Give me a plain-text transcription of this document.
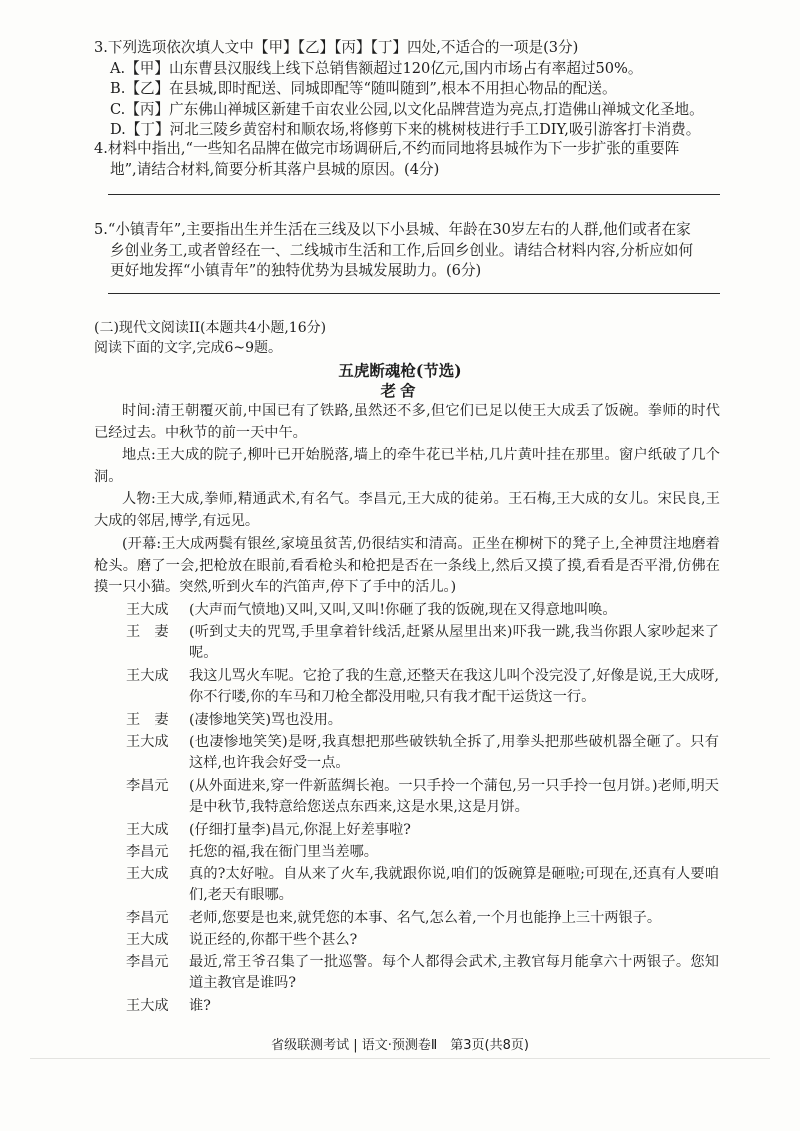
3.下列选项依次填人文中【甲】【乙】【丙】【丁】四处,不适合的一项是(3分)
A.【甲】山东曹县汉服线上线下总销售额超过120亿元,国内市场占有率超过50%。
B.【乙】在县城,即时配送、同城即配等“随叫随到”,根本不用担心物品的配送。
C.【丙】广东佛山禅城区新建千亩农业公园,以文化品牌营造为亮点,打造佛山禅城文化圣地。
D.【丁】河北三陵乡黄窑村和顺农场,将修剪下来的桃树枝进行手工DIY,吸引游客打卡消费。
4.材料中指出,“一些知名品牌在做完市场调研后,不约而同地将县城作为下一步扩张的重要阵
地”,请结合材料,简要分析其落户县城的原因。(4分)
5.“小镇青年”,主要指出生并生活在三线及以下小县城、年龄在30岁左右的人群,他们或者在家
乡创业务工,或者曾经在一、二线城市生活和工作,后回乡创业。请结合材料内容,分析应如何
更好地发挥“小镇青年”的独特优势为县城发展助力。(6分)
(二)现代文阅读II(本题共4小题,16分)
阅读下面的文字,完成6~9题。
五虎断魂枪(节选)
老舍
时间:清王朝覆灭前,中国已有了铁路,虽然还不多,但它们已足以使王大成丢了饭碗。拳师的时代已经过去。中秋节的前一天中午。
地点:王大成的院子,柳叶已开始脱落,墙上的牵牛花已半枯,几片黄叶挂在那里。窗户纸破了几个洞。
人物:王大成,拳师,精通武术,有名气。李昌元,王大成的徒弟。王石梅,王大成的女儿。宋民良,王大成的邻居,博学,有远见。
(开幕:王大成两鬓有银丝,家境虽贫苦,仍很结实和清高。正坐在柳树下的凳子上,全神贯注地磨着枪头。磨了一会,把枪放在眼前,看看枪头和枪把是否在一条线上,然后又摸了摸,看看是否平滑,仿佛在摸一只小猫。突然,听到火车的汽笛声,停下了手中的活儿。)
王大成	(大声而气愤地)又叫,又叫,又叫!你砸了我的饭碗,现在又得意地叫唤。
王　妻	(听到丈夫的咒骂,手里拿着针线活,赶紧从屋里出来)吓我一跳,我当你跟人家吵起来了呢。
王大成	我这儿骂火车呢。它抢了我的生意,还整天在我这儿叫个没完没了,好像是说,王大成呀,你不行喽,你的车马和刀枪全都没用啦,只有我才配干运货这一行。
王　妻	(凄惨地笑笑)骂也没用。
王大成	(也凄惨地笑笑)是呀,我真想把那些破铁轨全拆了,用拳头把那些破机器全砸了。只有这样,也许我会好受一点。
李昌元	(从外面进来,穿一件新蓝绸长袍。一只手拎一个蒲包,另一只手拎一包月饼。)老师,明天是中秋节,我特意给您送点东西来,这是水果,这是月饼。
王大成	(仔细打量李)昌元,你混上好差事啦?
李昌元	托您的福,我在衙门里当差哪。
王大成	真的?太好啦。自从来了火车,我就跟你说,咱们的饭碗算是砸啦;可现在,还真有人要咱们,老天有眼哪。
李昌元	老师,您要是也来,就凭您的本事、名气,怎么着,一个月也能挣上三十两银子。
王大成	说正经的,你都干些个甚么?
李昌元	最近,常王爷召集了一批巡警。每个人都得会武术,主教官每月能拿六十两银子。您知道主教官是谁吗?
王大成	谁?
省级联测考试 | 语文·预测卷Ⅱ　第3页(共8页)
